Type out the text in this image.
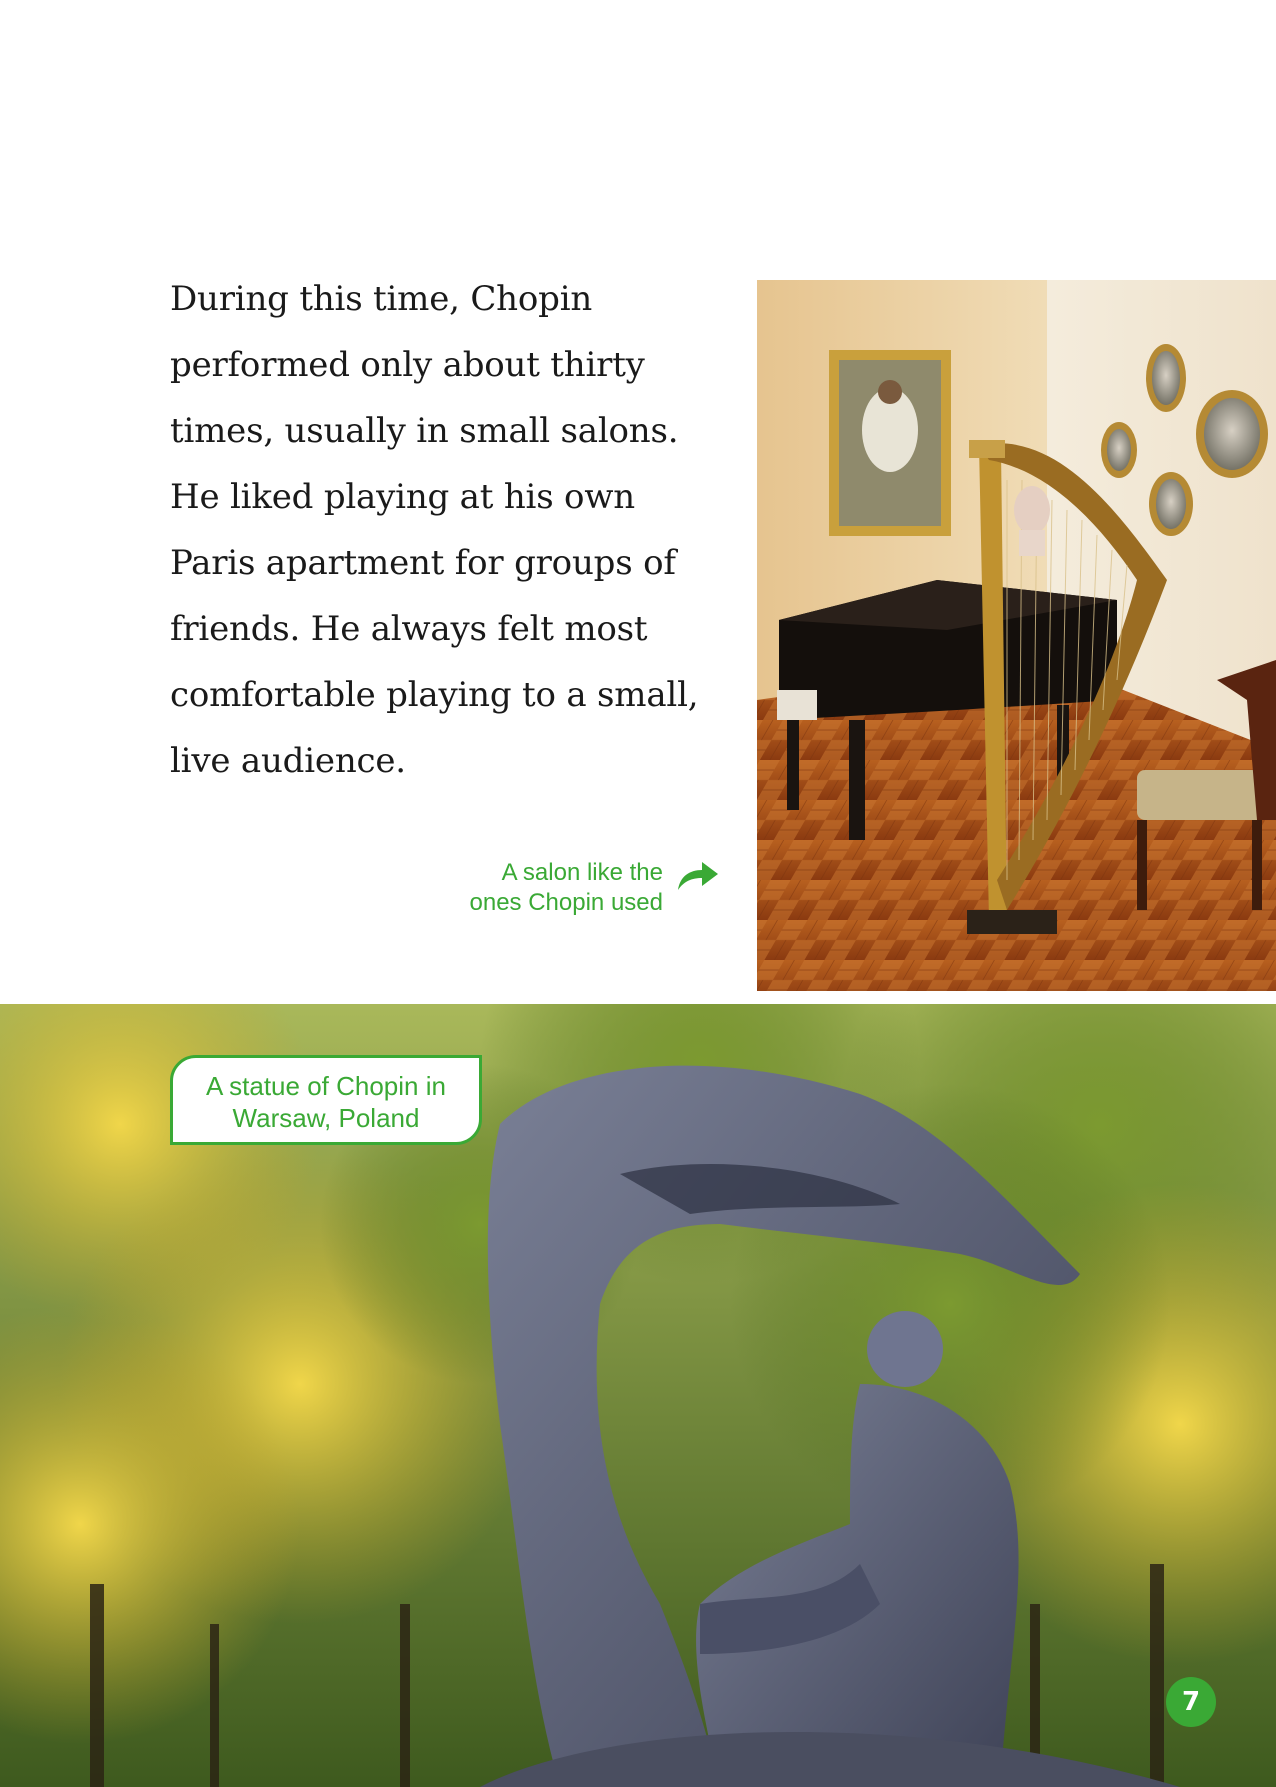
During this time, Chopin
performed only about thirty
times, usually in small salons.
He liked playing at his own
Paris apartment for groups of
friends. He always felt most
comfortable playing to a small,
live audience.

A salon like the
ones Chopin used
A statue of Chopin in
Warsaw, Poland
7
